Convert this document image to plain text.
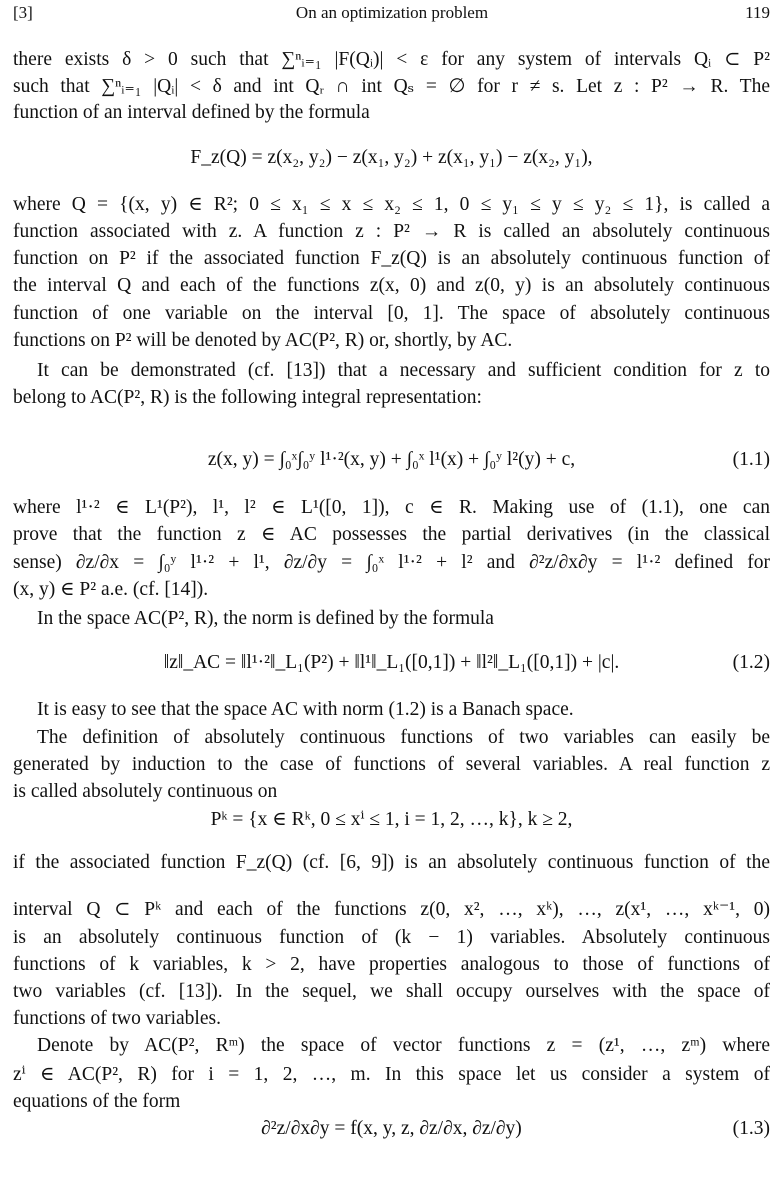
[3]	On an optimization problem	119
there exists δ > 0 such that ∑ⁿᵢ₌₁ |F(Qᵢ)| < ε for any system of intervals Qᵢ ⊂ P²
such that ∑ⁿᵢ₌₁ |Qᵢ| < δ and int Qᵣ ∩ int Qₛ = ∅ for r ≠ s. Let z : P² → R. The
function of an interval defined by the formula
F_z(Q) = z(x₂, y₂) − z(x₁, y₂) + z(x₁, y₁) − z(x₂, y₁),
where Q = {(x, y) ∈ R²; 0 ≤ x₁ ≤ x ≤ x₂ ≤ 1, 0 ≤ y₁ ≤ y ≤ y₂ ≤ 1}, is called a
function associated with z. A function z : P² → R is called an absolutely continuous
function on P² if the associated function F_z(Q) is an absolutely continuous function of
the interval Q and each of the functions z(x, 0) and z(0, y) is an absolutely continuous
function of one variable on the interval [0, 1]. The space of absolutely continuous
functions on P² will be denoted by AC(P², R) or, shortly, by AC.
It can be demonstrated (cf. [13]) that a necessary and sufficient condition for z to
belong to AC(P², R) is the following integral representation:
z(x, y) = ∫₀ˣ∫₀ʸ l¹·²(x, y) + ∫₀ˣ l¹(x) + ∫₀ʸ l²(y) + c,	(1.1)
where l¹·² ∈ L¹(P²), l¹, l² ∈ L¹([0, 1]), c ∈ R. Making use of (1.1), one can
prove that the function z ∈ AC possesses the partial derivatives (in the classical
sense) ∂z/∂x = ∫₀ʸ l¹·² + l¹, ∂z/∂y = ∫₀ˣ l¹·² + l² and ∂²z/∂x∂y = l¹·² defined for
(x, y) ∈ P² a.e. (cf. [14]).
In the space AC(P², R), the norm is defined by the formula
‖z‖_AC = ‖l¹·²‖_L₁(P²) + ‖l¹‖_L₁([0,1]) + ‖l²‖_L₁([0,1]) + |c|.	(1.2)
It is easy to see that the space AC with norm (1.2) is a Banach space.
The definition of absolutely continuous functions of two variables can easily be
generated by induction to the case of functions of several variables. A real function z
is called absolutely continuous on
Pᵏ = {x ∈ Rᵏ, 0 ≤ xⁱ ≤ 1, i = 1, 2, …, k}, k ≥ 2,
if the associated function F_z(Q) (cf. [6, 9]) is an absolutely continuous function of the
interval Q ⊂ Pᵏ and each of the functions z(0, x², …, xᵏ), …, z(x¹, …, xᵏ⁻¹, 0)
is an absolutely continuous function of (k − 1) variables. Absolutely continuous
functions of k variables, k > 2, have properties analogous to those of functions of
two variables (cf. [13]). In the sequel, we shall occupy ourselves with the space of
functions of two variables.
Denote by AC(P², Rᵐ) the space of vector functions z = (z¹, …, zᵐ) where
zⁱ ∈ AC(P², R) for i = 1, 2, …, m. In this space let us consider a system of
equations of the form
∂²z/∂x∂y = f(x, y, z, ∂z/∂x, ∂z/∂y)	(1.3)
